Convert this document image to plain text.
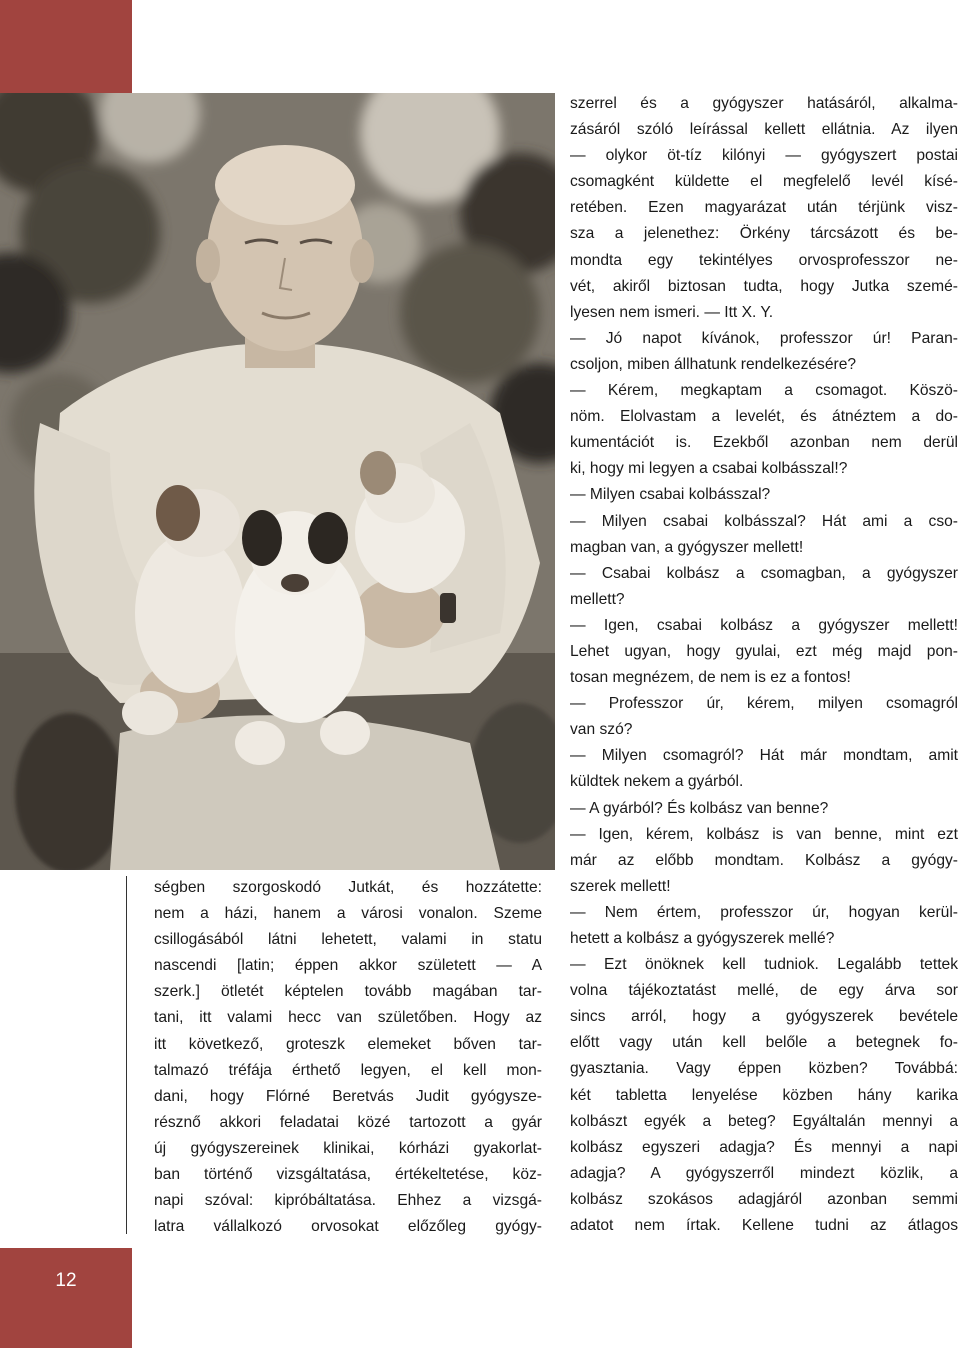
12
szerrel és a gyógyszer hatásáról, alkalma-
zásáról szóló leírással kellett ellátnia. Az ilyen
— olykor öt-tíz kilónyi — gyógyszert postai
csomagként küldette el megfelelő levél kísé-
retében. Ezen magyarázat után térjünk visz-
sza a jelenethez: Örkény tárcsázott és be-
mondta egy tekintélyes orvosprofesszor ne-
vét, akiről biztosan tudta, hogy Jutka szemé-
lyesen nem ismeri. — Itt X. Y.
— Jó napot kívánok, professzor úr! Paran-
csoljon, miben állhatunk rendelkezésére?
— Kérem, megkaptam a csomagot. Köszö-
nöm. Elolvastam a levelét, és átnéztem a do-
kumentációt is. Ezekből azonban nem derül
ki, hogy mi legyen a csabai kolbásszal!?
— Milyen csabai kolbásszal?
— Milyen csabai kolbásszal? Hát ami a cso-
magban van, a gyógyszer mellett!
— Csabai kolbász a csomagban, a gyógyszer
mellett?
— Igen, csabai kolbász a gyógyszer mellett!
Lehet ugyan, hogy gyulai, ezt még majd pon-
tosan megnézem, de nem is ez a fontos!
— Professzor úr, kérem, milyen csomagról
van szó?
— Milyen csomagról? Hát már mondtam, amit
küldtek nekem a gyárból.
— A gyárból? És kolbász van benne?
— Igen, kérem, kolbász is van benne, mint ezt
már az előbb mondtam. Kolbász a gyógy-
szerek mellett!
— Nem értem, professzor úr, hogyan kerül-
hetett a kolbász a gyógyszerek mellé?
— Ezt önöknek kell tudniok. Legalább tettek
volna tájékoztatást mellé, de egy árva sor
sincs arról, hogy a gyógyszerek bevétele
előtt vagy után kell belőle a betegnek fo-
gyasztania. Vagy éppen közben? Továbbá:
két tabletta lenyelése közben hány karika
kolbászt egyék a beteg? Egyáltalán mennyi a
kolbász egyszeri adagja? És mennyi a napi
adagja? A gyógyszerről mindezt közlik, a
kolbász szokásos adagjáról azonban semmi
adatot nem írtak. Kellene tudni az átlagos
ségben szorgoskodó Jutkát, és hozzátette:
nem a házi, hanem a városi vonalon. Szeme
csillogásából látni lehetett, valami in statu
nascendi [latin; éppen akkor született — A
szerk.] ötletét képtelen tovább magában tar-
tani, itt valami hecc van születőben. Hogy az
itt következő, groteszk elemeket bőven tar-
talmazó tréfája érthető legyen, el kell mon-
dani, hogy Flórné Beretvás Judit gyógysze-
résznő akkori feladatai közé tartozott a gyár
új gyógyszereinek klinikai, kórházi gyakorlat-
ban történő vizsgáltatása, értékeltetése, köz-
napi szóval: kipróbáltatása. Ehhez a vizsgá-
latra vállalkozó orvosokat előzőleg gyógy-
